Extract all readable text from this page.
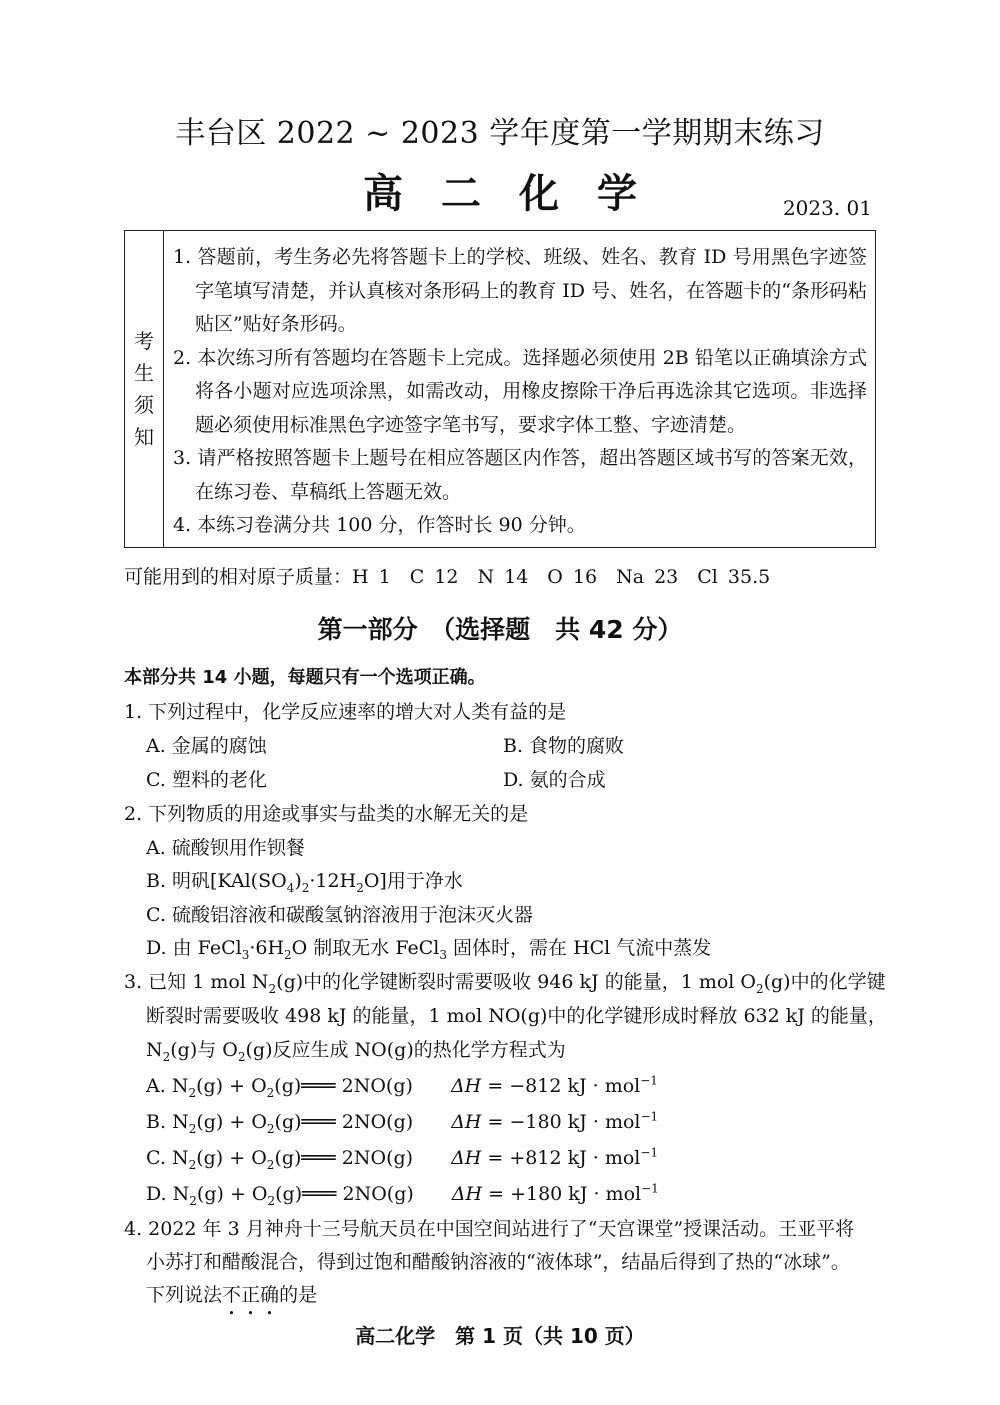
丰台区 2022 ~ 2023 学年度第一学期期末练习
高二化学	2023. 01
考
生
须
知
1. 答题前，考生务必先将答题卡上的学校、班级、姓名、教育 ID 号用黑色字迹签字笔填写清楚，并认真核对条形码上的教育 ID 号、姓名，在答题卡的“条形码粘贴区”贴好条形码。
2. 本次练习所有答题均在答题卡上完成。选择题必须使用 2B 铅笔以正确填涂方式将各小题对应选项涂黑，如需改动，用橡皮擦除干净后再选涂其它选项。非选择题必须使用标准黑色字迹签字笔书写，要求字体工整、字迹清楚。
3. 请严格按照答题卡上题号在相应答题区内作答，超出答题区域书写的答案无效，在练习卷、草稿纸上答题无效。
4. 本练习卷满分共 100 分，作答时长 90 分钟。
可能用到的相对原子质量：H 1　C 12　N 14　O 16　Na 23　Cl 35.5
第一部分　（选择题　共 42 分）
本部分共 14 小题，每题只有一个选项正确。
1. 下列过程中，化学反应速率的增大对人类有益的是
A. 金属的腐蚀	B. 食物的腐败
C. 塑料的老化	D. 氨的合成
2. 下列物质的用途或事实与盐类的水解无关的是
A. 硫酸钡用作钡餐
B. 明矾$[KAl(SO_4)_2\cdot 12H_2O]$用于净水
C. 硫酸铝溶液和碳酸氢钠溶液用于泡沫灭火器
D. 由 $FeCl_3\cdot 6H_2O$ 制取无水 FeCl$_3$ 固体时，需在 HCl 气流中蒸发
3. 已知 1 mol $N_2(g)$中的化学键断裂时需要吸收 946 kJ 的能量，1 mol $O_2(g)$中的化学键
断裂时需要吸收 498 kJ 的能量，1 mol NO(g)中的化学键形成时释放 632 kJ 的能量，
$N_2(g)$与 $O_2(g)$反应生成 NO(g)的热化学方程式为
A. $N_2(g)$ + $O_2(g)═══$ 2NO(g)　　 ΔH = −812 kJ · mol$^{-1}$
B. $N_2(g)$ + $O_2(g)═══$ 2NO(g)　　 ΔH = −180 kJ · mol$^{-1}$
C. $N_2(g)$ + $O_2(g)═══$ 2NO(g)　　 ΔH = +812 kJ · mol$^{-1}$
D. $N_2(g)$ + $O_2(g)═══$ 2NO(g)　　 ΔH = +180 kJ · mol$^{-1}$
4. 2022 年 3 月神舟十三号航天员在中国空间站进行了“天宫课堂”授课活动。王亚平将
小苏打和醋酸混合，得到过饱和醋酸钠溶液的“液体球”，结晶后得到了热的“冰球”。
下列说法不正确的是
高二化学　第 1 页（共 10 页）
